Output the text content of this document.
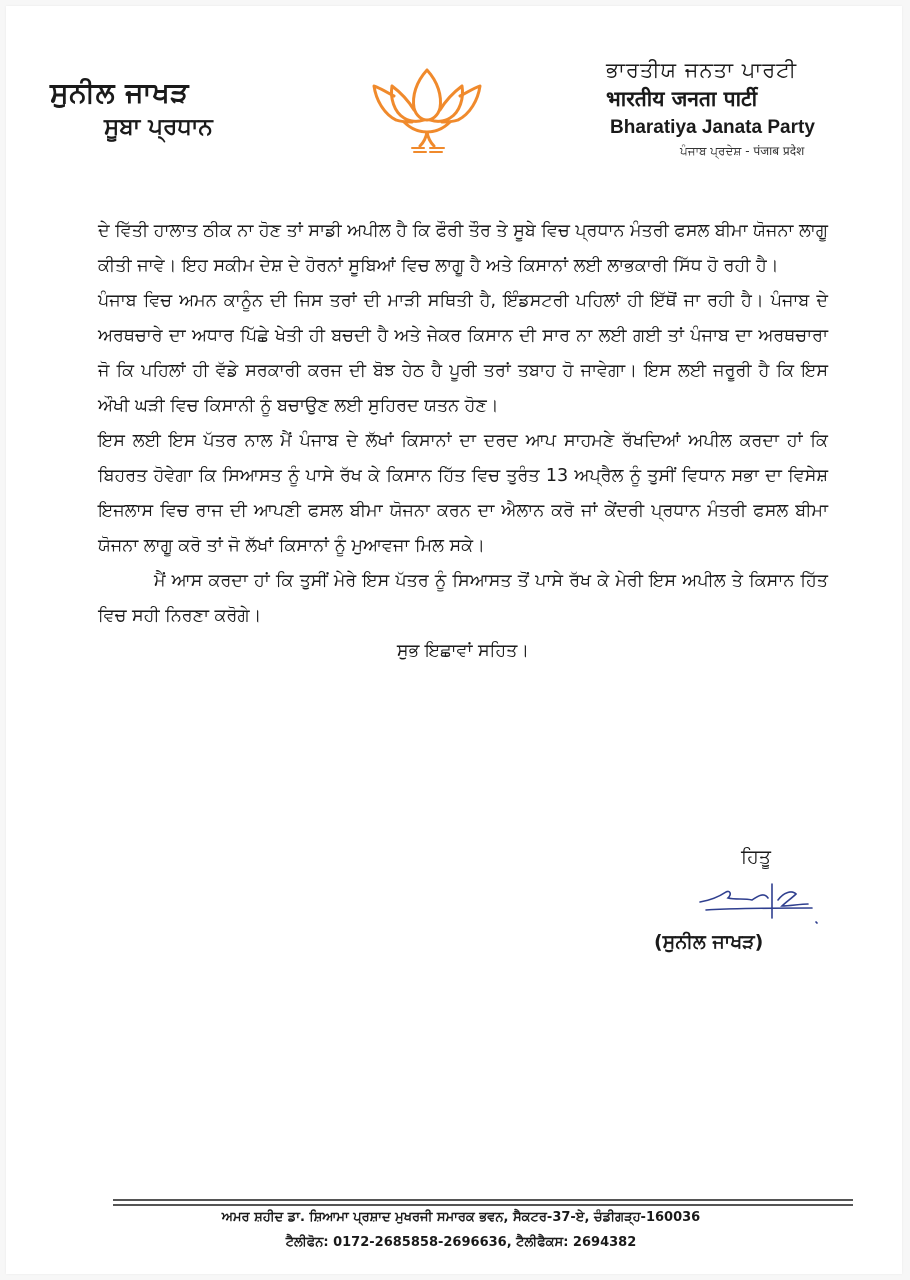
ਸੁਨੀਲ ਜਾਖੜ
ਸੂਬਾ ਪ੍ਰਧਾਨ
ਭਾਰਤੀਯ ਜਨਤਾ ਪਾਰਟੀ
भारतीय जनता पार्टी
Bharatiya Janata Party
ਪੰਜਾਬ ਪ੍ਰਦੇਸ਼ - पंजाब प्रदेश

ਦੇ ਵਿੱਤੀ ਹਾਲਾਤ ਠੀਕ ਨਾ ਹੋਣ ਤਾਂ ਸਾਡੀ ਅਪੀਲ ਹੈ ਕਿ ਫੌਰੀ ਤੌਰ ਤੇ ਸੂਬੇ ਵਿਚ ਪ੍ਰਧਾਨ ਮੰਤਰੀ ਫਸਲ ਬੀਮਾ ਯੋਜਨਾ ਲਾਗੂ ਕੀਤੀ ਜਾਵੇ। ਇਹ ਸਕੀਮ ਦੇਸ਼ ਦੇ ਹੋਰਨਾਂ ਸੂਬਿਆਂ ਵਿਚ ਲਾਗੂ ਹੈ ਅਤੇ ਕਿਸਾਨਾਂ ਲਈ ਲਾਭਕਾਰੀ ਸਿੱਧ ਹੋ ਰਹੀ ਹੈ।

ਪੰਜਾਬ ਵਿਚ ਅਮਨ ਕਾਨੂੰਨ ਦੀ ਜਿਸ ਤਰਾਂ ਦੀ ਮਾੜੀ ਸਥਿਤੀ ਹੈ, ਇੰਡਸਟਰੀ ਪਹਿਲਾਂ ਹੀ ਇੱਥੋਂ ਜਾ ਰਹੀ ਹੈ। ਪੰਜਾਬ ਦੇ ਅਰਥਚਾਰੇ ਦਾ ਅਧਾਰ ਪਿੱਛੇ ਖੇਤੀ ਹੀ ਬਚਦੀ ਹੈ ਅਤੇ ਜੇਕਰ ਕਿਸਾਨ ਦੀ ਸਾਰ ਨਾ ਲਈ ਗਈ ਤਾਂ ਪੰਜਾਬ ਦਾ ਅਰਥਚਾਰਾ ਜੋ ਕਿ ਪਹਿਲਾਂ ਹੀ ਵੱਡੇ ਸਰਕਾਰੀ ਕਰਜ ਦੀ ਬੋਝ ਹੇਠ ਹੈ ਪੂਰੀ ਤਰਾਂ ਤਬਾਹ ਹੋ ਜਾਵੇਗਾ। ਇਸ ਲਈ ਜਰੂਰੀ ਹੈ ਕਿ ਇਸ ਔਖੀ ਘੜੀ ਵਿਚ ਕਿਸਾਨੀ ਨੂੰ ਬਚਾਉਣ ਲਈ ਸੁਹਿਰਦ ਯਤਨ ਹੋਣ।

ਇਸ ਲਈ ਇਸ ਪੱਤਰ ਨਾਲ ਮੈਂ ਪੰਜਾਬ ਦੇ ਲੱਖਾਂ ਕਿਸਾਨਾਂ ਦਾ ਦਰਦ ਆਪ ਸਾਹਮਣੇ ਰੱਖਦਿਆਂ ਅਪੀਲ ਕਰਦਾ ਹਾਂ ਕਿ ਬਿਹਰਤ ਹੋਵੇਗਾ ਕਿ ਸਿਆਸਤ ਨੂੰ ਪਾਸੇ ਰੱਖ ਕੇ ਕਿਸਾਨ ਹਿੱਤ ਵਿਚ ਤੁਰੰਤ 13 ਅਪ੍ਰੈਲ ਨੂੰ ਤੁਸੀਂ ਵਿਧਾਨ ਸਭਾ ਦਾ ਵਿਸੇਸ਼ ਇਜਲਾਸ ਵਿਚ ਰਾਜ ਦੀ ਆਪਣੀ ਫਸਲ ਬੀਮਾ ਯੋਜਨਾ ਕਰਨ ਦਾ ਐਲਾਨ ਕਰੋ ਜਾਂ ਕੇਂਦਰੀ ਪ੍ਰਧਾਨ ਮੰਤਰੀ ਫਸਲ ਬੀਮਾ ਯੋਜਨਾ ਲਾਗੂ ਕਰੋ ਤਾਂ ਜੋ ਲੱਖਾਂ ਕਿਸਾਨਾਂ ਨੂੰ ਮੁਆਵਜਾ ਮਿਲ ਸਕੇ।

ਮੈਂ ਆਸ ਕਰਦਾ ਹਾਂ ਕਿ ਤੁਸੀਂ ਮੇਰੇ ਇਸ ਪੱਤਰ ਨੂੰ ਸਿਆਸਤ ਤੋਂ ਪਾਸੇ ਰੱਖ ਕੇ ਮੇਰੀ ਇਸ ਅਪੀਲ ਤੇ ਕਿਸਾਨ ਹਿੱਤ ਵਿਚ ਸਹੀ ਨਿਰਣਾ ਕਰੋਗੇ।

ਸੁਭ ਇਛਾਵਾਂ ਸਹਿਤ।

ਹਿਤੂ
(ਸੁਨੀਲ ਜਾਖੜ)
ਅਮਰ ਸ਼ਹੀਦ ਡਾ. ਸ਼ਿਆਮਾ ਪ੍ਰਸ਼ਾਦ ਮੁਖਰਜੀ ਸਮਾਰਕ ਭਵਨ, ਸੈਕਟਰ-37-ਏ, ਚੰਡੀਗੜ੍ਹ-160036
ਟੈਲੀਫੋਨ: 0172-2685858-2696636, ਟੈਲੀਫੈਕਸ: 2694382
